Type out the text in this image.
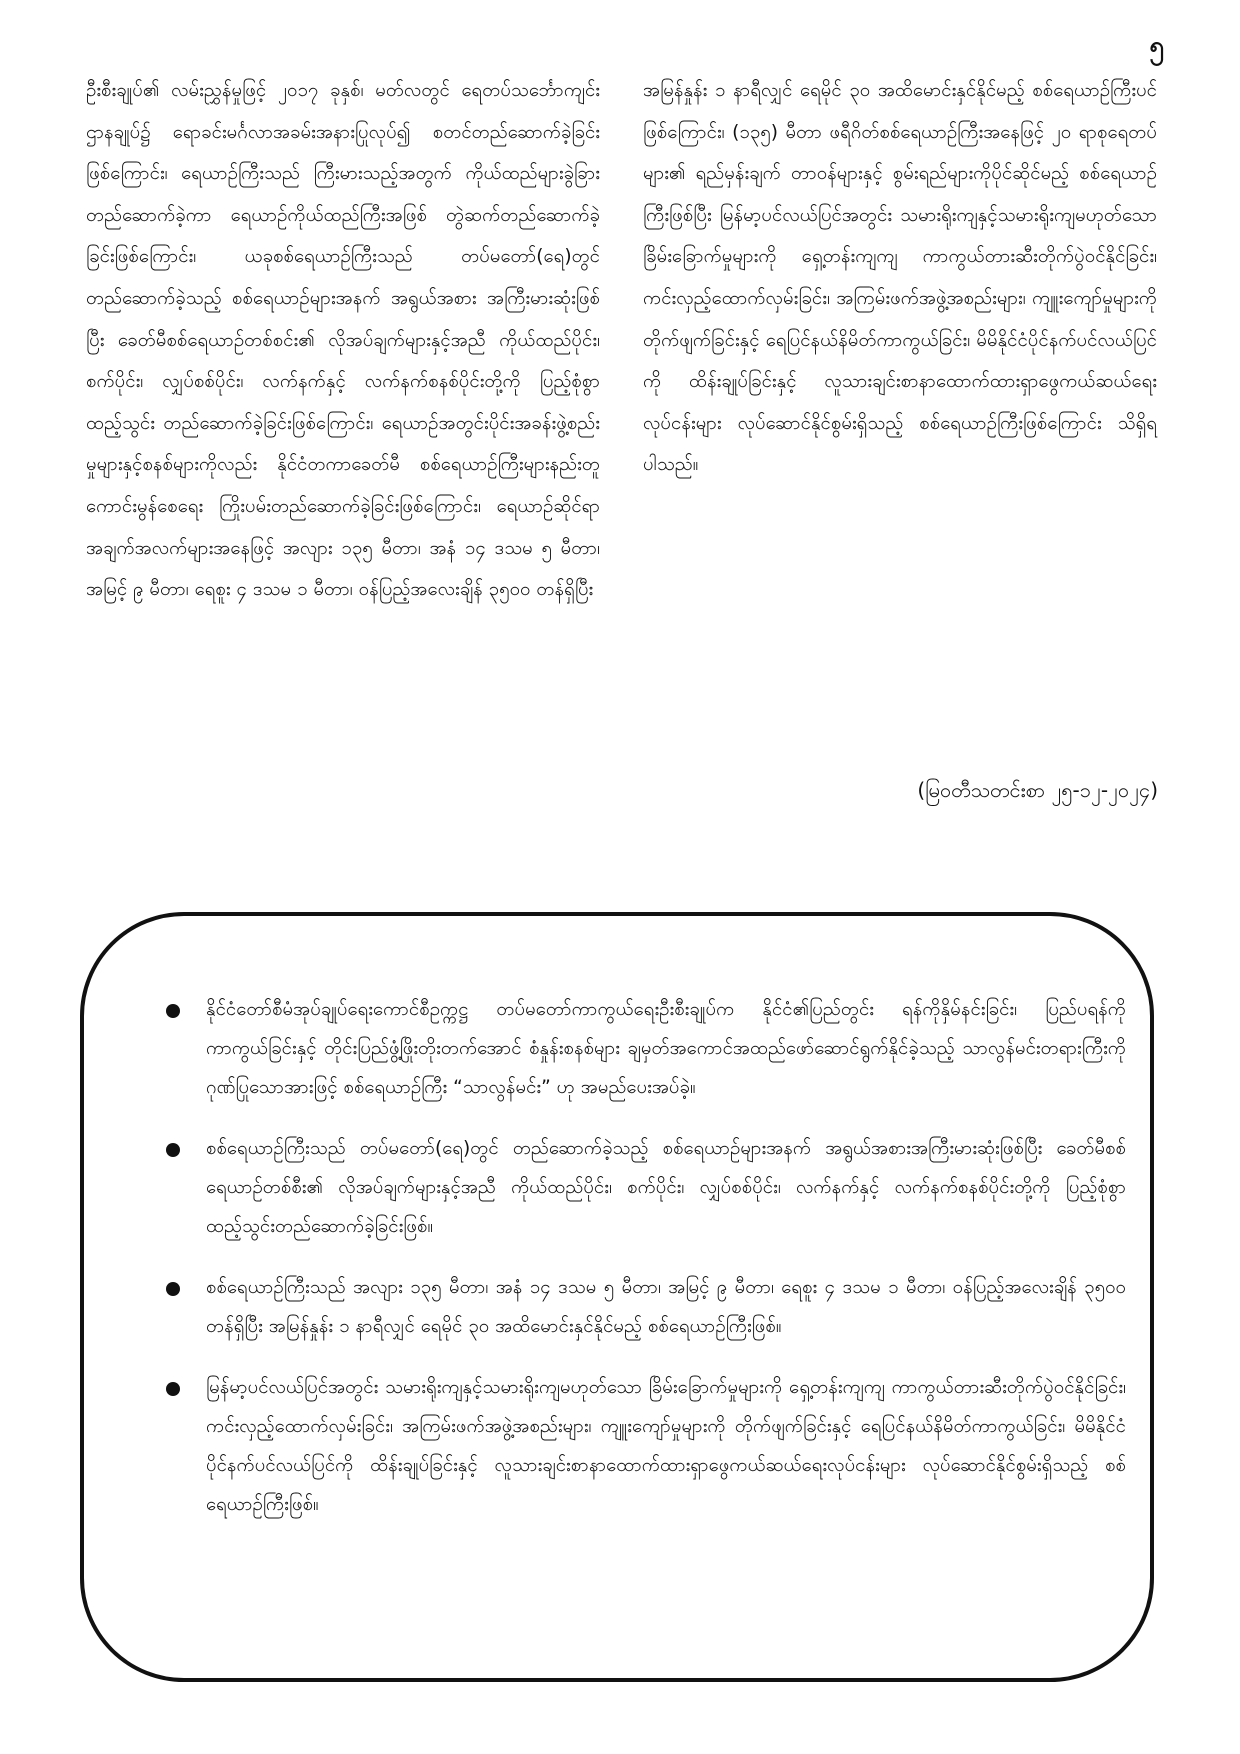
၅

ဦးစီးချုပ်၏ လမ်းညွှန်မှုဖြင့် ၂၀၁၇ ခုနှစ်၊ မတ်လတွင် ရေတပ်သင်္ဘောကျင်းဌာနချုပ်၌ ရောခင်းမင်္ဂလာအခမ်းအနားပြုလုပ်၍ စတင်တည်ဆောက်ခဲ့ခြင်းဖြစ်ကြောင်း၊ ရေယာဉ်ကြီးသည် ကြီးမားသည့်အတွက် ကိုယ်ထည်များခွဲခြားတည်ဆောက်ခဲ့ကာ ရေယာဉ်ကိုယ်ထည်ကြီးအဖြစ် တွဲဆက်တည်ဆောက်ခဲ့ခြင်းဖြစ်ကြောင်း၊ ယခုစစ်ရေယာဉ်ကြီးသည် တပ်မတော်(ရေ)တွင် တည်ဆောက်ခဲ့သည့် စစ်ရေယာဉ်များအနက် အရွယ်အစား အကြီးမားဆုံးဖြစ်ပြီး ခေတ်မီစစ်ရေယာဉ်တစ်စင်း၏ လိုအပ်ချက်များနှင့်အညီ ကိုယ်ထည်ပိုင်း၊ စက်ပိုင်း၊ လျှပ်စစ်ပိုင်း၊ လက်နက်နှင့် လက်နက်စနစ်ပိုင်းတို့ကို ပြည့်စုံစွာထည့်သွင်း တည်ဆောက်ခဲ့ခြင်းဖြစ်ကြောင်း၊ ရေယာဉ်အတွင်းပိုင်းအခန်းဖွဲ့စည်းမှုများနှင့်စနစ်များကိုလည်း နိုင်ငံတကာခေတ်မီ စစ်ရေယာဉ်ကြီးများနည်းတူကောင်းမွန်စေရေး ကြိုးပမ်းတည်ဆောက်ခဲ့ခြင်းဖြစ်ကြောင်း၊ ရေယာဉ်ဆိုင်ရာအချက်အလက်များအနေဖြင့် အလျား ၁၃၅ မီတာ၊ အနံ ၁၄ ဒသမ ၅ မီတာ၊ အမြင့် ၉ မီတာ၊ ရေစူး ၄ ဒသမ ၁ မီတာ၊ ဝန်ပြည့်အလေးချိန် ၃၅၀၀ တန်ရှိပြီး

အမြန်နှုန်း ၁ နာရီလျှင် ရေမိုင် ၃၀ အထိမောင်းနှင်နိုင်မည့် စစ်ရေယာဉ်ကြီးပင်ဖြစ်ကြောင်း၊ (၁၃၅) မီတာ ဖရီဂိတ်စစ်ရေယာဉ်ကြီးအနေဖြင့် ၂၀ ရာစုရေတပ်များ၏ ရည်မှန်းချက် တာဝန်များနှင့် စွမ်းရည်များကိုပိုင်ဆိုင်မည့် စစ်ရေယာဉ်ကြီးဖြစ်ပြီး မြန်မာ့ပင်လယ်ပြင်အတွင်း သမားရိုးကျနှင့်သမားရိုးကျမဟုတ်သောခြိမ်းခြောက်မှုများကို ရှေ့တန်းကျကျ ကာကွယ်တားဆီးတိုက်ပွဲဝင်နိုင်ခြင်း၊ ကင်းလှည့်ထောက်လှမ်းခြင်း၊ အကြမ်းဖက်အဖွဲ့အစည်းများ၊ ကျူးကျော်မှုများကိုတိုက်ဖျက်ခြင်းနှင့် ရေပြင်နယ်နိမိတ်ကာကွယ်ခြင်း၊ မိမိနိုင်ငံပိုင်နက်ပင်လယ်ပြင်ကို ထိန်းချုပ်ခြင်းနှင့် လူသားချင်းစာနာထောက်ထားရှာဖွေကယ်ဆယ်ရေးလုပ်ငန်းများ လုပ်ဆောင်နိုင်စွမ်းရှိသည့် စစ်ရေယာဉ်ကြီးဖြစ်ကြောင်း သိရှိရပါသည်။

(မြဝတီသတင်းစာ ၂၅-၁၂-၂၀၂၄)

နိုင်ငံတော်စီမံအုပ်ချုပ်ရေးကောင်စီဥက္ကဋ္ဌ တပ်မတော်ကာကွယ်ရေးဦးစီးချုပ်က နိုင်ငံ၏ပြည်တွင်း ရန်ကိုနှိမ်နင်းခြင်း၊ ပြည်ပရန်ကိုကာကွယ်ခြင်းနှင့် တိုင်းပြည်ဖွံ့ဖြိုးတိုးတက်အောင် စံနှုန်းစနစ်များ ချမှတ်အကောင်အထည်ဖော်ဆောင်ရွက်နိုင်ခဲ့သည့် သာလွန်မင်းတရားကြီးကို ဂုဏ်ပြုသောအားဖြင့် စစ်ရေယာဉ်ကြီး “သာလွန်မင်း” ဟု အမည်ပေးအပ်ခဲ့။
စစ်ရေယာဉ်ကြီးသည် တပ်မတော်(ရေ)တွင် တည်ဆောက်ခဲ့သည့် စစ်ရေယာဉ်များအနက် အရွယ်အစားအကြီးမားဆုံးဖြစ်ပြီး ခေတ်မီစစ်ရေယာဉ်တစ်စီး၏ လိုအပ်ချက်များနှင့်အညီ ကိုယ်ထည်ပိုင်း၊ စက်ပိုင်း၊ လျှပ်စစ်ပိုင်း၊ လက်နက်နှင့် လက်နက်စနစ်ပိုင်းတို့ကို ပြည့်စုံစွာထည့်သွင်းတည်ဆောက်ခဲ့ခြင်းဖြစ်။
စစ်ရေယာဉ်ကြီးသည် အလျား ၁၃၅ မီတာ၊ အနံ ၁၄ ဒသမ ၅ မီတာ၊ အမြင့် ၉ မီတာ၊ ရေစူး ၄ ဒသမ ၁ မီတာ၊ ဝန်ပြည့်အလေးချိန် ၃၅၀၀ တန်ရှိပြီး အမြန်နှုန်း ၁ နာရီလျှင် ရေမိုင် ၃၀ အထိမောင်းနှင်နိုင်မည့် စစ်ရေယာဉ်ကြီးဖြစ်။
မြန်မာ့ပင်လယ်ပြင်အတွင်း သမားရိုးကျနှင့်သမားရိုးကျမဟုတ်သော ခြိမ်းခြောက်မှုများကို ရှေ့တန်းကျကျ ကာကွယ်တားဆီးတိုက်ပွဲဝင်နိုင်ခြင်း၊ ကင်းလှည့်ထောက်လှမ်းခြင်း၊ အကြမ်းဖက်အဖွဲ့အစည်းများ၊ ကျူးကျော်မှုများကို တိုက်ဖျက်ခြင်းနှင့် ရေပြင်နယ်နိမိတ်ကာကွယ်ခြင်း၊ မိမိနိုင်ငံပိုင်နက်ပင်လယ်ပြင်ကို ထိန်းချုပ်ခြင်းနှင့် လူသားချင်းစာနာထောက်ထားရှာဖွေကယ်ဆယ်ရေးလုပ်ငန်းများ လုပ်ဆောင်နိုင်စွမ်းရှိသည့် စစ်ရေယာဉ်ကြီးဖြစ်။
